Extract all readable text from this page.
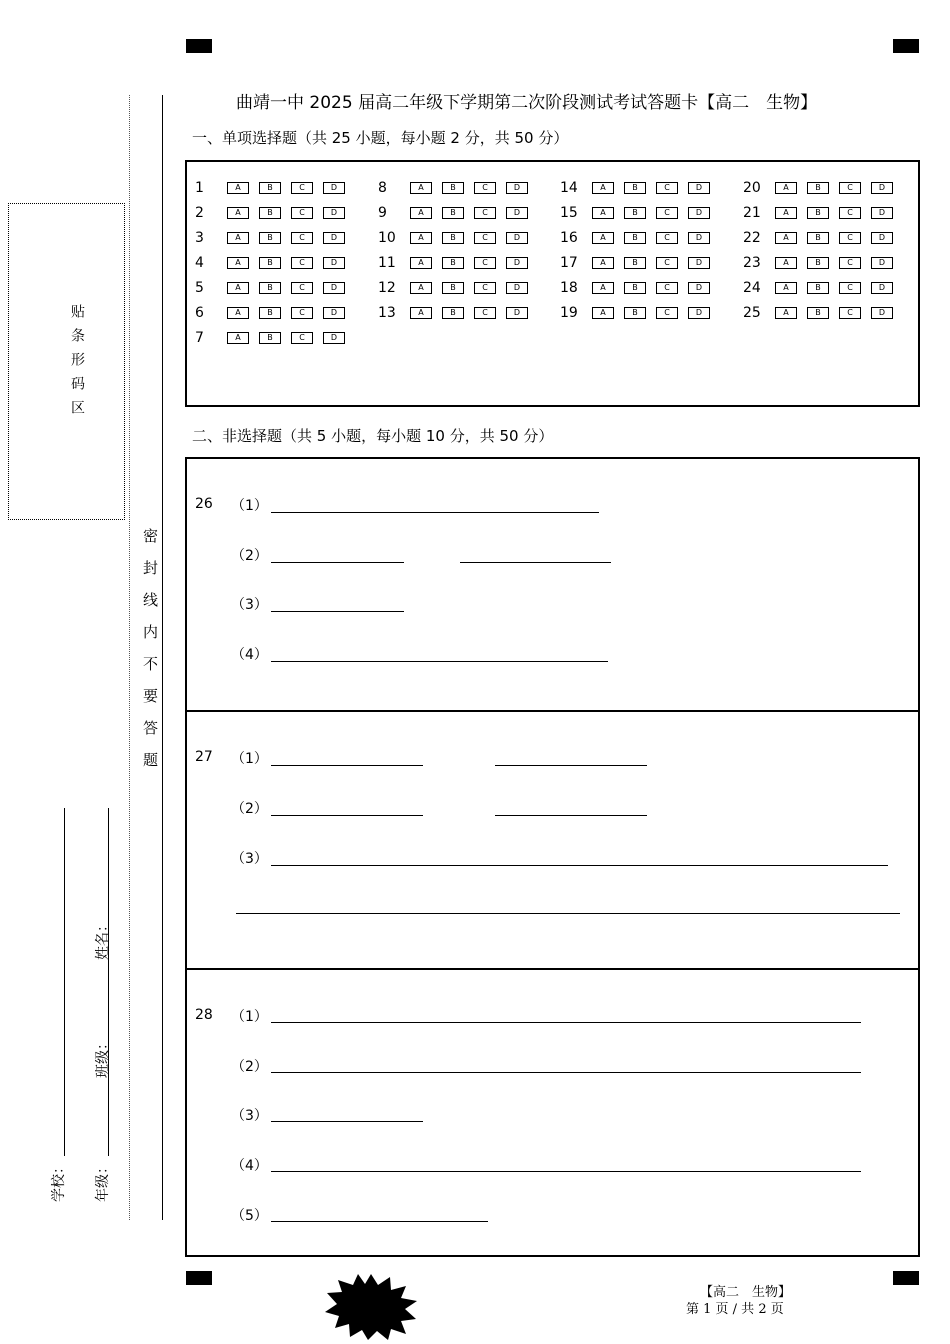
曲靖一中 2025 届高二年级下学期第二次阶段测试考试答题卡【高二　生物】
贴条形码区
密封线内不要答题
学校： 年级：
班级：
姓名：
一、单项选择题（共 25 小题，每小题 2 分，共 50 分）
1	A	B	C	D
2	A	B	C	D
3	A	B	C	D
4	A	B	C	D
5	A	B	C	D
6	A	B	C	D
7	A	B	C	D
8	A	B	C	D
9	A	B	C	D
10	A	B	C	D
11	A	B	C	D
12	A	B	C	D
13	A	B	C	D
14	A	B	C	D
15	A	B	C	D
16	A	B	C	D
17	A	B	C	D
18	A	B	C	D
19	A	B	C	D
20	A	B	C	D
21	A	B	C	D
22	A	B	C	D
23	A	B	C	D
24	A	B	C	D
25	A	B	C	D
二、非选择题（共 5 小题，每小题 10 分，共 50 分）
26 （1）
（2）
（3）
（4）
27 （1）
（2）
（3）
28 （1）
（2）
（3）
（4）
（5）
【高二　生物】
第 1 页 / 共 2 页
